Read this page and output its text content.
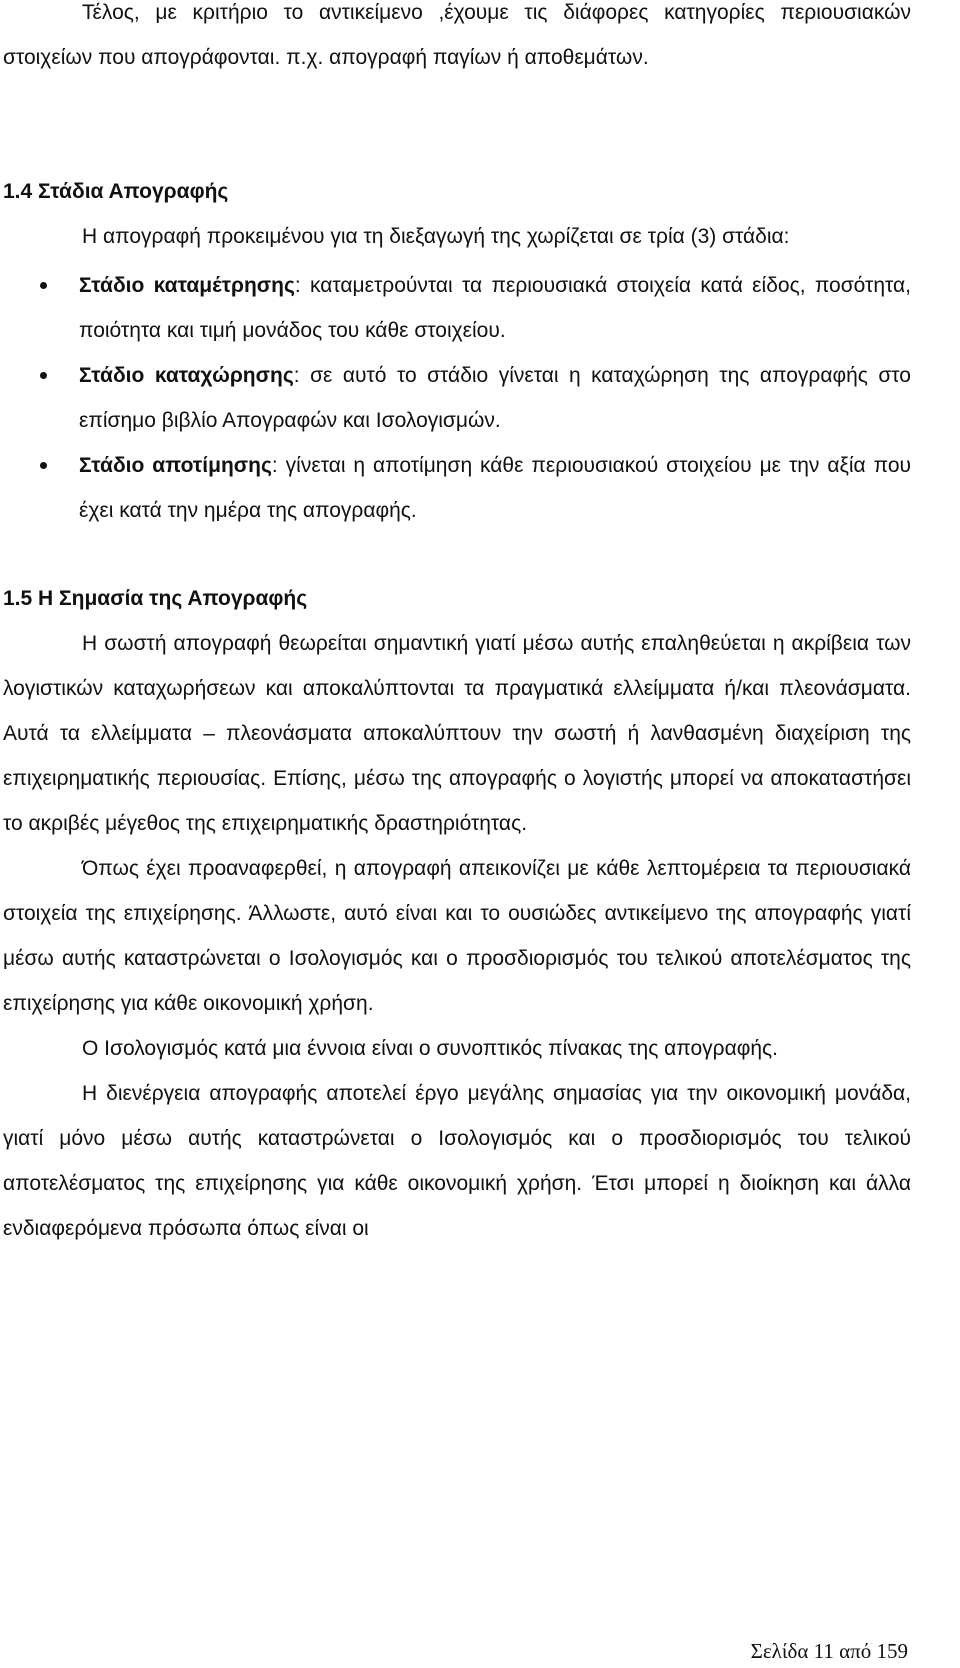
Τέλος, με κριτήριο το αντικείμενο ,έχουμε τις διάφορες κατηγορίες περιουσιακών στοιχείων που απογράφονται. π.χ. απογραφή παγίων ή αποθεμάτων.

1.4 Στάδια Απογραφής

Η απογραφή προκειμένου για τη διεξαγωγή της χωρίζεται σε τρία (3) στάδια:

Στάδιο καταμέτρησης: καταμετρούνται τα περιουσιακά στοιχεία κατά είδος, ποσότητα, ποιότητα και τιμή μονάδος του κάθε στοιχείου.
Στάδιο καταχώρησης: σε αυτό το στάδιο γίνεται η καταχώρηση της απογραφής στο επίσημο βιβλίο Απογραφών και Ισολογισμών.
Στάδιο αποτίμησης: γίνεται η αποτίμηση κάθε περιουσιακού στοιχείου με την αξία που έχει κατά την ημέρα της απογραφής.

1.5 Η Σημασία της Απογραφής

Η σωστή απογραφή θεωρείται σημαντική γιατί μέσω αυτής επαληθεύεται η ακρίβεια των λογιστικών καταχωρήσεων και αποκαλύπτονται τα πραγματικά ελλείμματα ή/και πλεονάσματα. Αυτά τα ελλείμματα – πλεονάσματα αποκαλύπτουν την σωστή ή λανθασμένη διαχείριση της επιχειρηματικής περιουσίας. Επίσης, μέσω της απογραφής ο λογιστής μπορεί να αποκαταστήσει το ακριβές μέγεθος της επιχειρηματικής δραστηριότητας.

Όπως έχει προαναφερθεί, η απογραφή απεικονίζει με κάθε λεπτομέρεια τα περιουσιακά στοιχεία της επιχείρησης. Άλλωστε, αυτό είναι και το ουσιώδες αντικείμενο της απογραφής γιατί μέσω αυτής καταστρώνεται ο Ισολογισμός και ο προσδιορισμός του τελικού αποτελέσματος της επιχείρησης για κάθε οικονομική χρήση.

Ο Ισολογισμός κατά μια έννοια είναι ο συνοπτικός πίνακας της απογραφής.

Η διενέργεια απογραφής αποτελεί έργο μεγάλης σημασίας για την οικονομική μονάδα, γιατί μόνο μέσω αυτής καταστρώνεται ο Ισολογισμός και ο προσδιορισμός του τελικού αποτελέσματος της επιχείρησης για κάθε οικονομική χρήση. Έτσι μπορεί η διοίκηση και άλλα ενδιαφερόμενα πρόσωπα όπως είναι οι

Σελίδα 11 από 159
